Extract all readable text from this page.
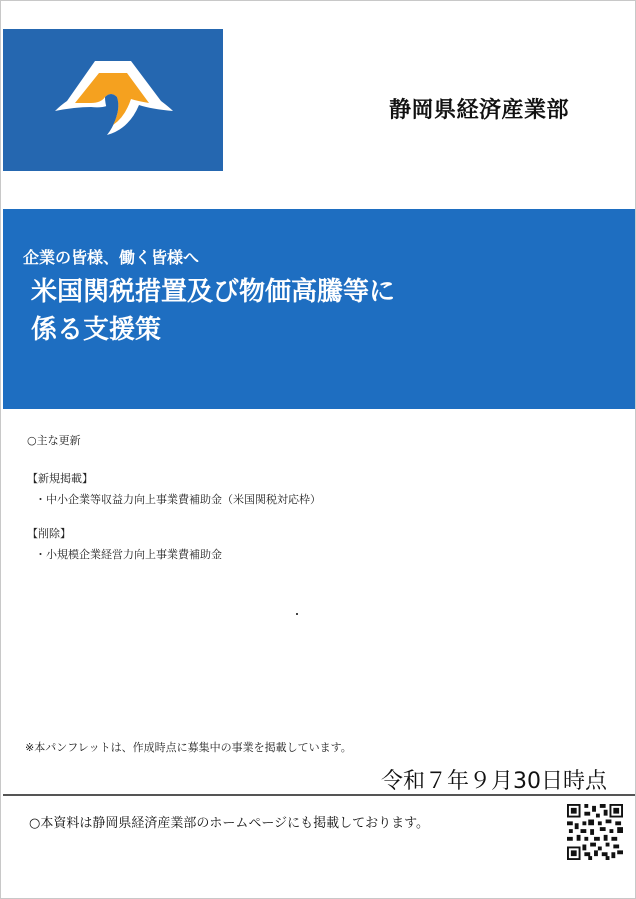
静岡県経済産業部
企業の皆様、働く皆様へ
米国関税措置及び物価高騰等に
係る支援策
○主な更新
【新規掲載】
・中小企業等収益力向上事業費補助金（米国関税対応枠）
【削除】
・小規模企業経営力向上事業費補助金
※本パンフレットは、作成時点に募集中の事業を掲載しています。
令和７年９月30日時点
○本資料は静岡県経済産業部のホームページにも掲載しております。
